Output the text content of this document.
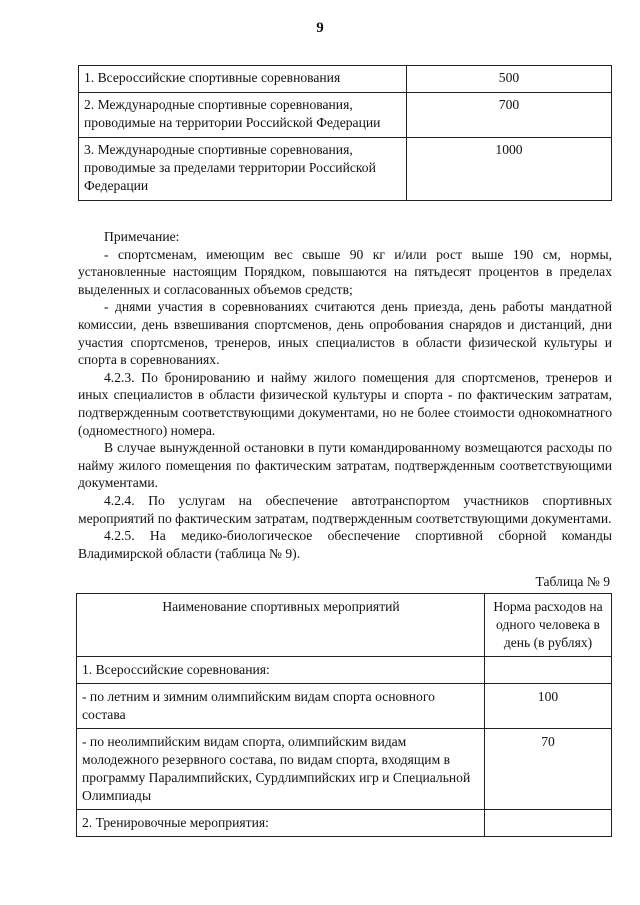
9
1. Всероссийские спортивные соревнования	500
2. Международные спортивные соревнования, проводимые на территории Российской Федерации	700
3. Международные спортивные соревнования, проводимые за пределами территории Российской Федерации	1000

Примечание:

- спортсменам, имеющим вес свыше 90 кг и/или рост выше 190 см, нормы, установленные настоящим Порядком, повышаются на пятьдесят процентов в пределах выделенных и согласованных объемов средств;

- днями участия в соревнованиях считаются день приезда, день работы мандатной комиссии, день взвешивания спортсменов, день опробования снарядов и дистанций, дни участия спортсменов, тренеров, иных специалистов в области физической культуры и спорта в соревнованиях.

4.2.3. По бронированию и найму жилого помещения для спортсменов, тренеров и иных специалистов в области физической культуры и спорта - по фактическим затратам, подтвержденным соответствующими документами, но не более стоимости однокомнатного (одноместного) номера.

В случае вынужденной остановки в пути командированному возмещаются расходы по найму жилого помещения по фактическим затратам, подтвержденным соответствующими документами.

4.2.4. По услугам на обеспечение автотранспортом участников спортивных мероприятий по фактическим затратам, подтвержденным соответствующими документами.

4.2.5. На медико-биологическое обеспечение спортивной сборной команды Владимирской области (таблица № 9).

Таблица № 9
Наименование спортивных мероприятий	Норма расходов на одного человека в день (в рублях)
1. Всероссийские соревнования:	
- по летним и зимним олимпийским видам спорта основного состава	100
- по неолимпийским видам спорта, олимпийским видам молодежного резервного состава, по видам спорта, входящим в программу Паралимпийских, Сурдлимпийских игр и Специальной Олимпиады	70
2. Тренировочные мероприятия:	
